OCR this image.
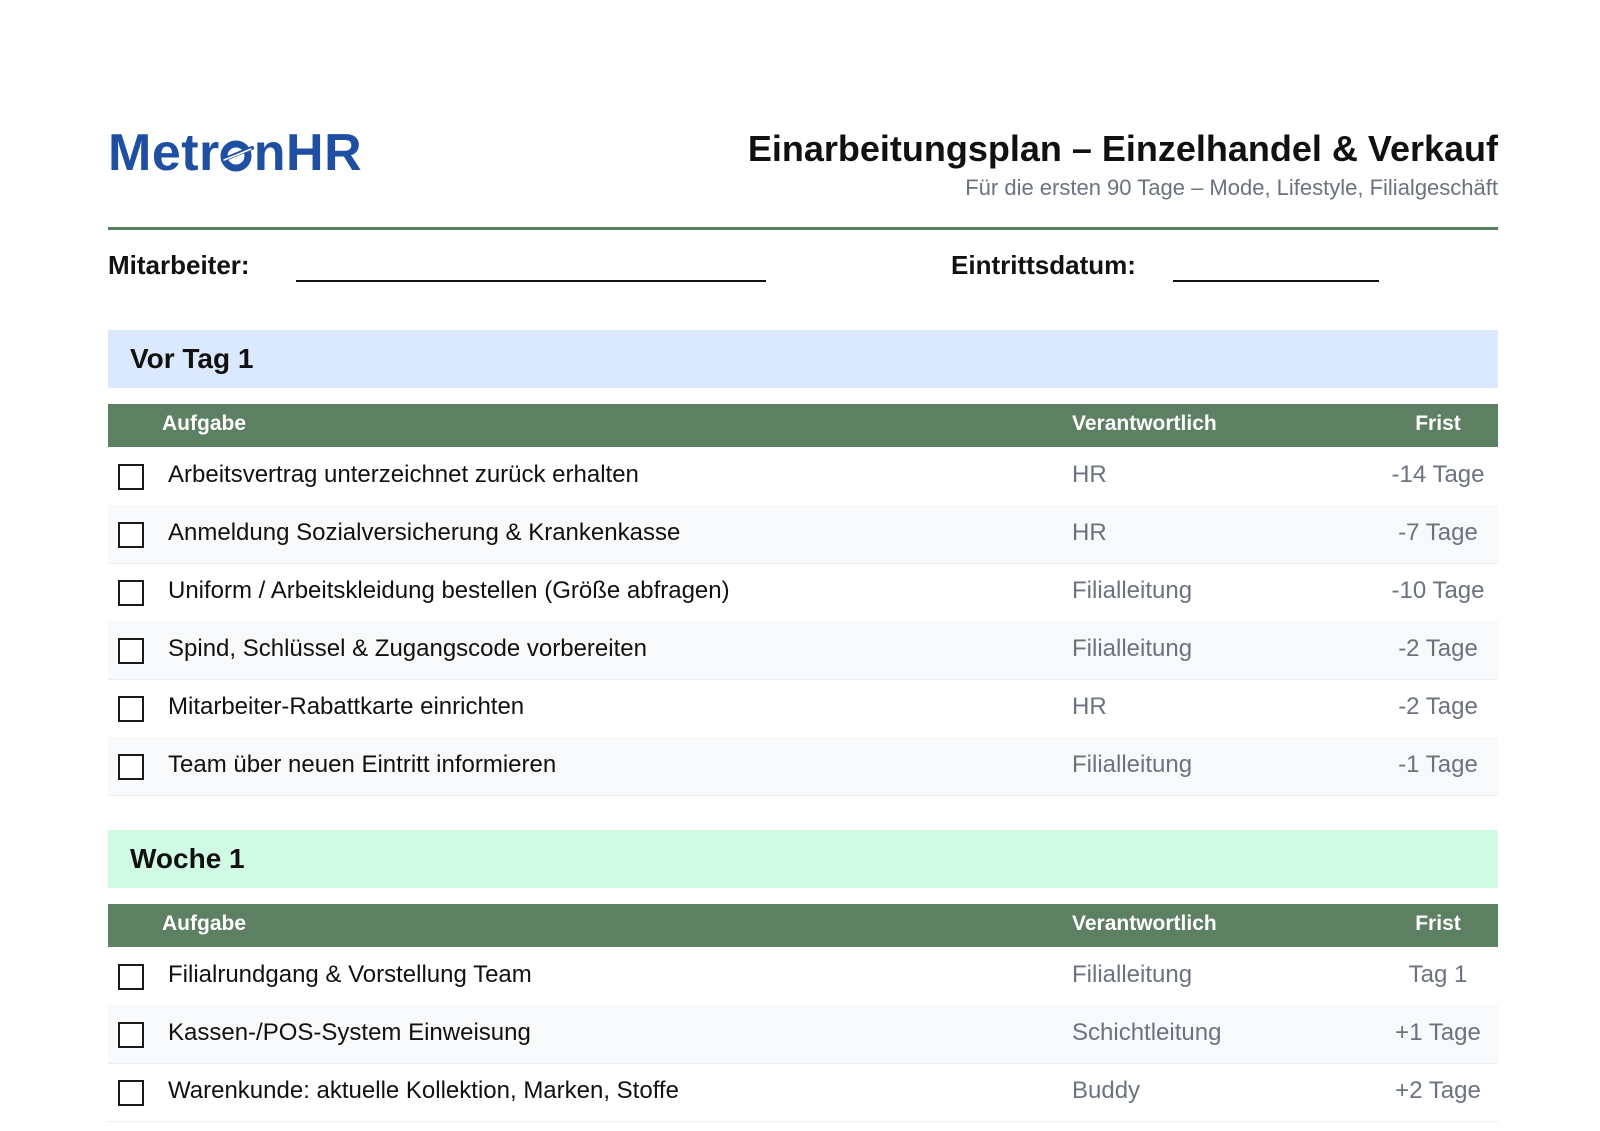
Metr nHR	Einarbeitungsplan – Einzelhandel & Verkauf
Für die ersten 90 Tage – Mode, Lifestyle, Filialgeschäft
Mitarbeiter:	Eintrittsdatum:
Vor Tag 1
Aufgabe	Verantwortlich	Frist
Arbeitsvertrag unterzeichnet zurück erhalten	HR	-14 Tage
Anmeldung Sozialversicherung & Krankenkasse	HR	-7 Tage
Uniform / Arbeitskleidung bestellen (Größe abfragen)	Filialleitung	-10 Tage
Spind, Schlüssel & Zugangscode vorbereiten	Filialleitung	-2 Tage
Mitarbeiter-Rabattkarte einrichten	HR	-2 Tage
Team über neuen Eintritt informieren	Filialleitung	-1 Tage
Woche 1
Aufgabe	Verantwortlich	Frist
Filialrundgang & Vorstellung Team	Filialleitung	Tag 1
Kassen-/POS-System Einweisung	Schichtleitung	+1 Tage
Warenkunde: aktuelle Kollektion, Marken, Stoffe	Buddy	+2 Tage
